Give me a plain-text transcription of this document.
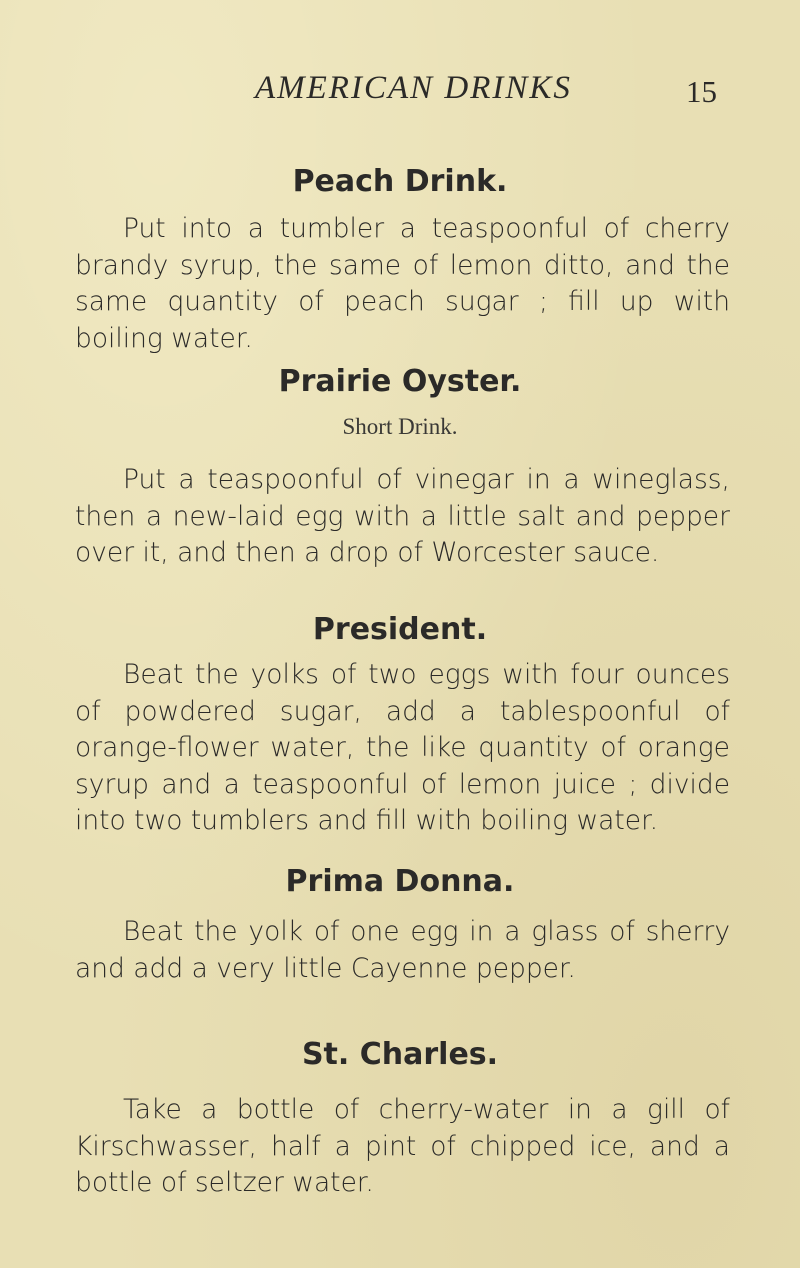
AMERICAN DRINKS	15
Peach Drink.

Put into a tumbler a teaspoonful of cherry brandy syrup, the same of lemon ditto, and the same quantity of peach sugar ; fill up with boiling water.

Prairie Oyster.
Short Drink.

Put a teaspoonful of vinegar in a wineglass, then a new-laid egg with a little salt and pepper over it, and then a drop of Worcester sauce.

President.

Beat the yolks of two eggs with four ounces of powdered sugar, add a tablespoonful of orange-flower water, the like quantity of orange syrup and a teaspoonful of lemon juice ; divide into two tumblers and fill with boiling water.

Prima Donna.

Beat the yolk of one egg in a glass of sherry and add a very little Cayenne pepper.

St. Charles.

Take a bottle of cherry-water in a gill of Kirschwasser, half a pint of chipped ice, and a bottle of seltzer water.
